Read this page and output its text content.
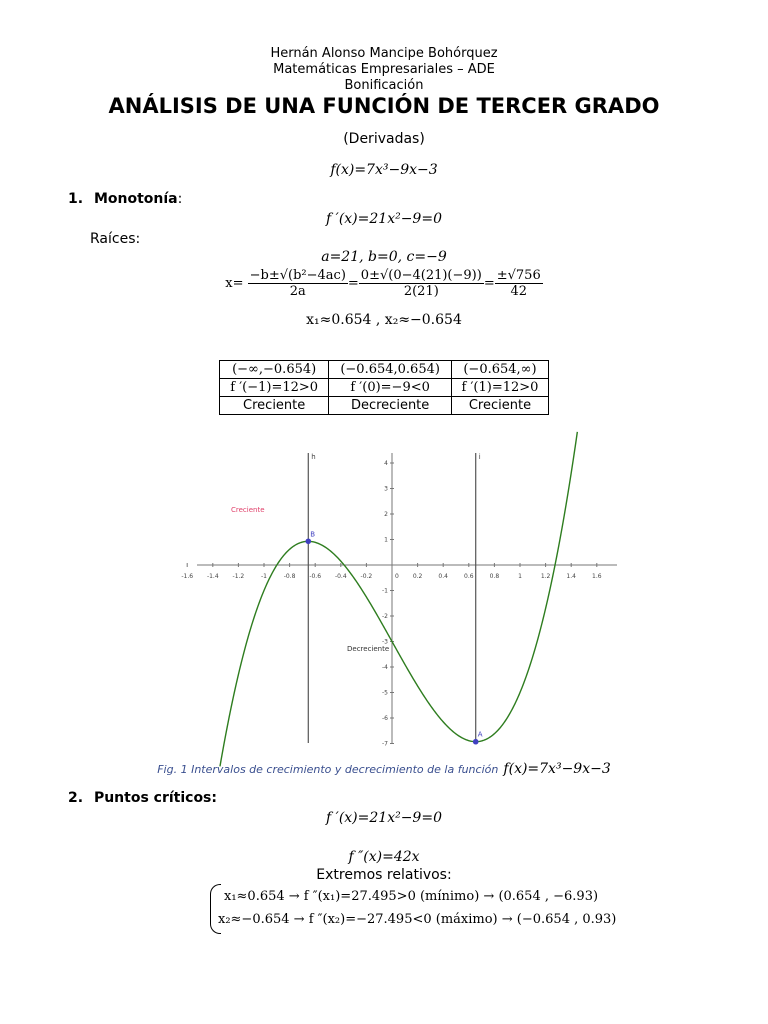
Hernán Alonso Mancipe Bohórquez
Matemáticas Empresariales – ADE
Bonificación
ANÁLISIS DE UNA FUNCIÓN DE TERCER GRADO
(Derivadas)
f(x)=7x³−9x−3
1. Monotonía:
f ′(x)=21x²−9=0
Raíces:
a=21, b=0, c=−9
$x= \frac{\text{−b±√(b²−4ac)}}{2a} = \frac{0\pm√(0-4(21)(-9))}{2(21)} = \frac{\pm√756}{42}$
x₁≈0.654 , x₂≈−0.654
(−∞,−0.654)	(−0.654,0.654)	(−0.654,∞)
f ′(−1)=12>0	f ′(0)=−9<0	f ′(1)=12>0
Creciente	Decreciente	Creciente
-1.6 -1.4 -1.2	-1	-0.8 -0.6 -0.4 -0.2	0 0.2	0.4	0.6	0.8	1	1.2	1.4	1.6
4
3
2
1
-1
-2
-3
-4
-5
-6
-7
h	i
B
A
Creciente
Decreciente
Fig. 1 Intervalos de crecimiento y decrecimiento de la función f(x)=7x³−9x−3
2. Puntos críticos:
f ′(x)=21x²−9=0
f ″(x)=42x
Extremos relativos:
x₁≈0.654 → f ″(x₁)=27.495>0 (mínimo) → (0.654 , −6.93)
x₂≈−0.654 → f ″(x₂)=−27.495<0 (máximo) → (−0.654 , 0.93)
